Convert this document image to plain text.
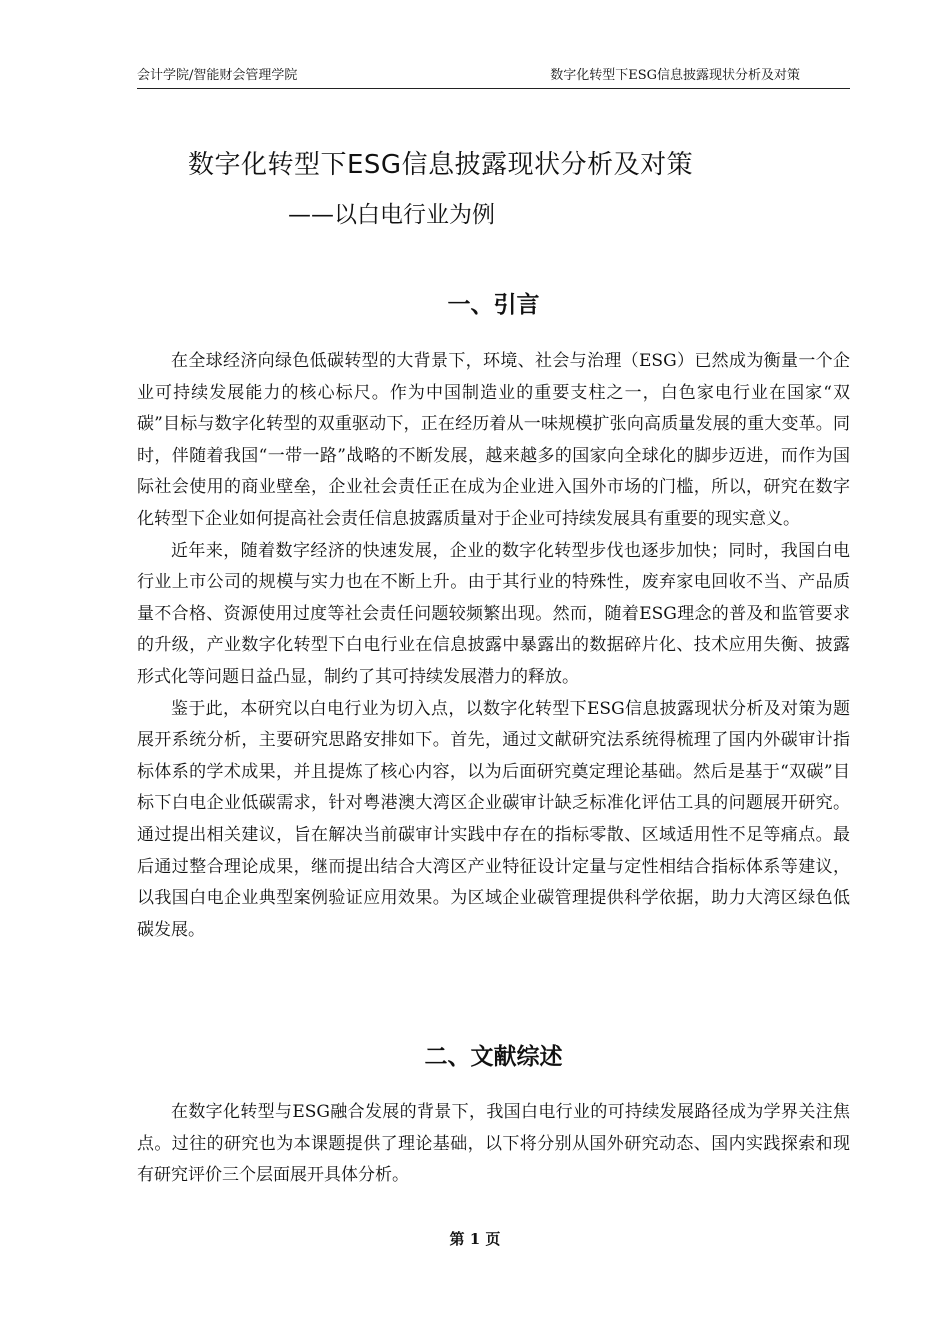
会计学院/智能财会管理学院	数字化转型下ESG信息披露现状分析及对策
数字化转型下ESG信息披露现状分析及对策
——以白电行业为例
一、引言

在全球经济向绿色低碳转型的大背景下，环境、社会与治理（ESG）已然成为衡量一个企业可持续发展能力的核心标尺。作为中国制造业的重要支柱之一，白色家电行业在国家“双碳”目标与数字化转型的双重驱动下，正在经历着从一味规模扩张向高质量发展的重大变革。同时，伴随着我国“一带一路”战略的不断发展，越来越多的国家向全球化的脚步迈进，而作为国际社会使用的商业壁垒，企业社会责任正在成为企业进入国外市场的门槛，所以，研究在数字化转型下企业如何提高社会责任信息披露质量对于企业可持续发展具有重要的现实意义。

近年来，随着数字经济的快速发展，企业的数字化转型步伐也逐步加快；同时，我国白电行业上市公司的规模与实力也在不断上升。由于其行业的特殊性，废弃家电回收不当、产品质量不合格、资源使用过度等社会责任问题较频繁出现。然而，随着ESG理念的普及和监管要求的升级，产业数字化转型下白电行业在信息披露中暴露出的数据碎片化、技术应用失衡、披露形式化等问题日益凸显，制约了其可持续发展潜力的释放。

鉴于此，本研究以白电行业为切入点，以数字化转型下ESG信息披露现状分析及对策为题展开系统分析，主要研究思路安排如下。首先，通过文献研究法系统得梳理了国内外碳审计指标体系的学术成果，并且提炼了核心内容，以为后面研究奠定理论基础。然后是基于“双碳”目标下白电企业低碳需求，针对粤港澳大湾区企业碳审计缺乏标准化评估工具的问题展开研究。通过提出相关建议，旨在解决当前碳审计实践中存在的指标零散、区域适用性不足等痛点。最后通过整合理论成果，继而提出结合大湾区产业特征设计定量与定性相结合指标体系等建议，以我国白电企业典型案例验证应用效果。为区域企业碳管理提供科学依据，助力大湾区绿色低碳发展。

二、文献综述

在数字化转型与ESG融合发展的背景下，我国白电行业的可持续发展路径成为学界关注焦点。过往的研究也为本课题提供了理论基础，以下将分别从国外研究动态、国内实践探索和现有研究评价三个层面展开具体分析。

第 1 页
